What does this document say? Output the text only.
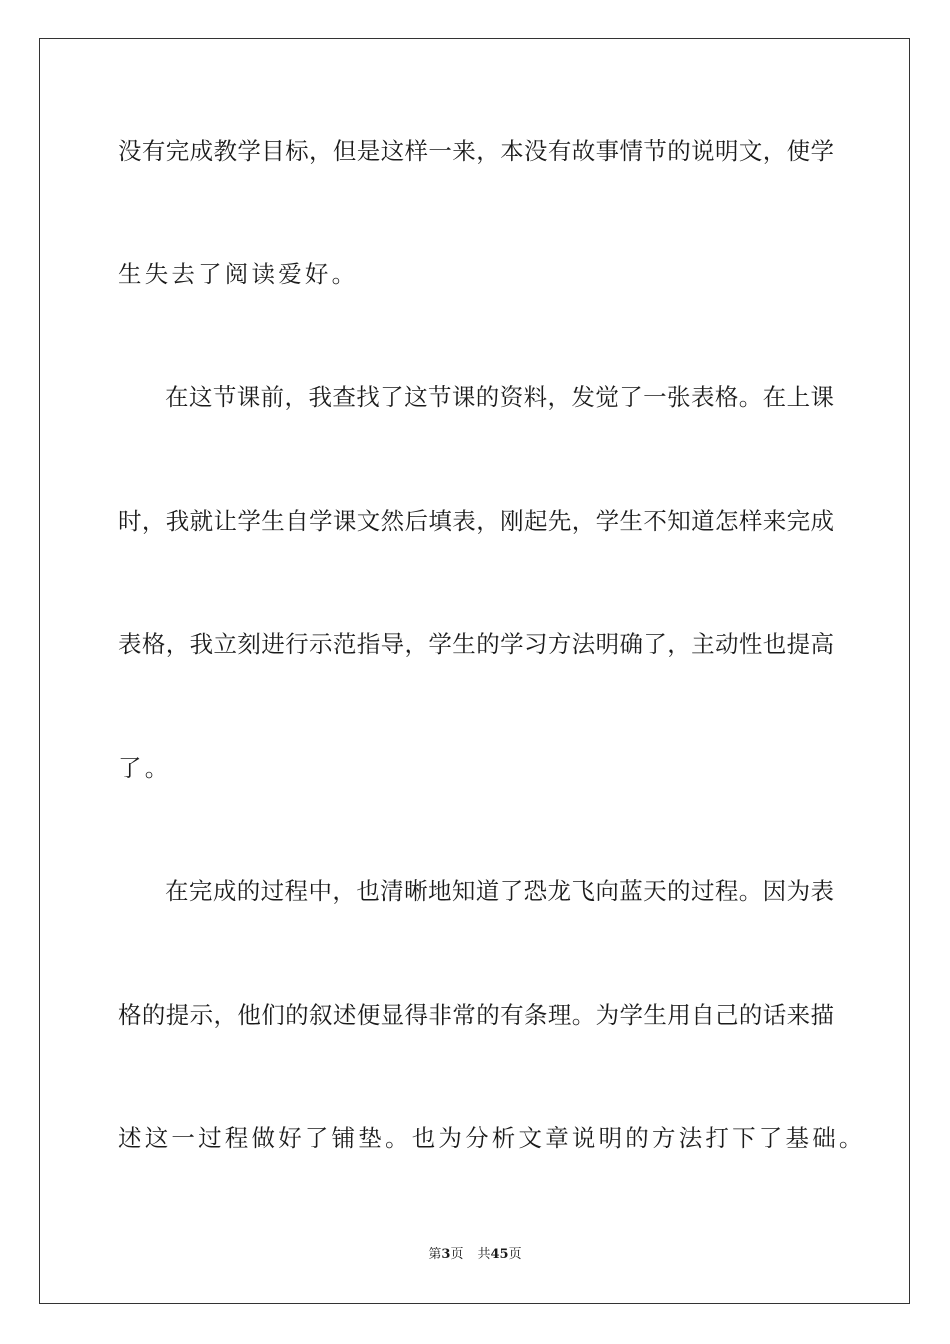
没有完成教学目标，但是这样一来，本没有故事情节的说明文，使学
生失去了阅读爱好。
在这节课前，我查找了这节课的资料，发觉了一张表格。在上课
时，我就让学生自学课文然后填表，刚起先，学生不知道怎样来完成
表格，我立刻进行示范指导，学生的学习方法明确了，主动性也提高
了。
在完成的过程中，也清晰地知道了恐龙飞向蓝天的过程。因为表
格的提示，他们的叙述便显得非常的有条理。为学生用自己的话来描
述这一过程做好了铺垫。也为分析文章说明的方法打下了基础。
第3页 共45页
